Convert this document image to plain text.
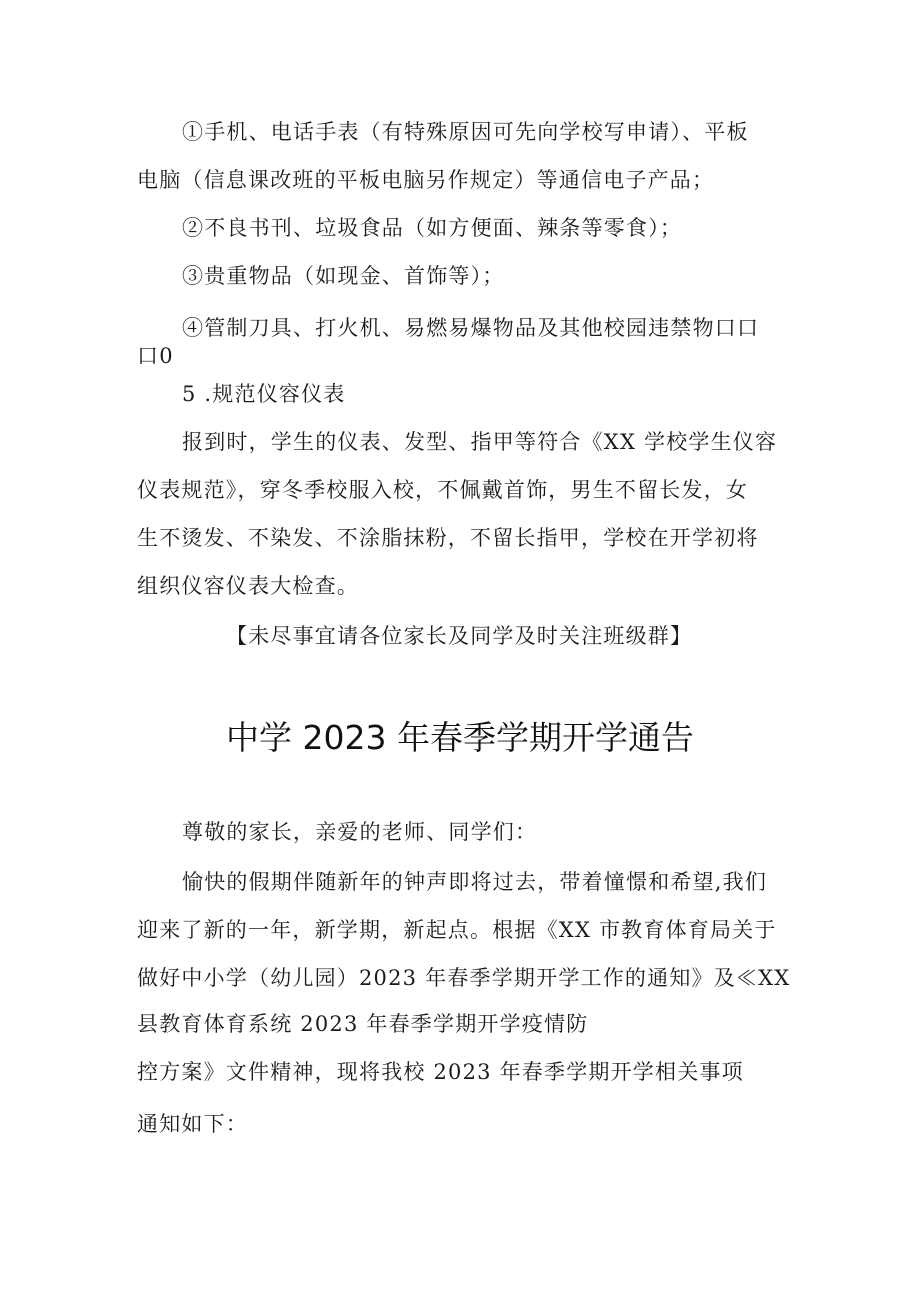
①手机、电话手表（有特殊原因可先向学校写申请）、平板
电脑（信息课改班的平板电脑另作规定）等通信电子产品；
②不良书刊、垃圾食品（如方便面、辣条等零食）；
③贵重物品（如现金、首饰等）；
④管制刀具、打火机、易燃易爆物品及其他校园违禁物口口
口0
5 .规范仪容仪表
报到时，学生的仪表、发型、指甲等符合《XX 学校学生仪容
仪表规范》，穿冬季校服入校，不佩戴首饰，男生不留长发，女
生不烫发、不染发、不涂脂抹粉，不留长指甲，学校在开学初将
组织仪容仪表大检查。
【未尽事宜请各位家长及同学及时关注班级群】
中学 2023 年春季学期开学通告
尊敬的家长，亲爱的老师、同学们：
愉快的假期伴随新年的钟声即将过去，带着憧憬和希望,我们
迎来了新的一年，新学期，新起点。根据《XX 市教育体育局关于
做好中小学（幼儿园）2023 年春季学期开学工作的通知》及≪XX
县教育体育系统 2023 年春季学期开学疫情防
控方案》文件精神，现将我校 2023 年春季学期开学相关事项
通知如下：
